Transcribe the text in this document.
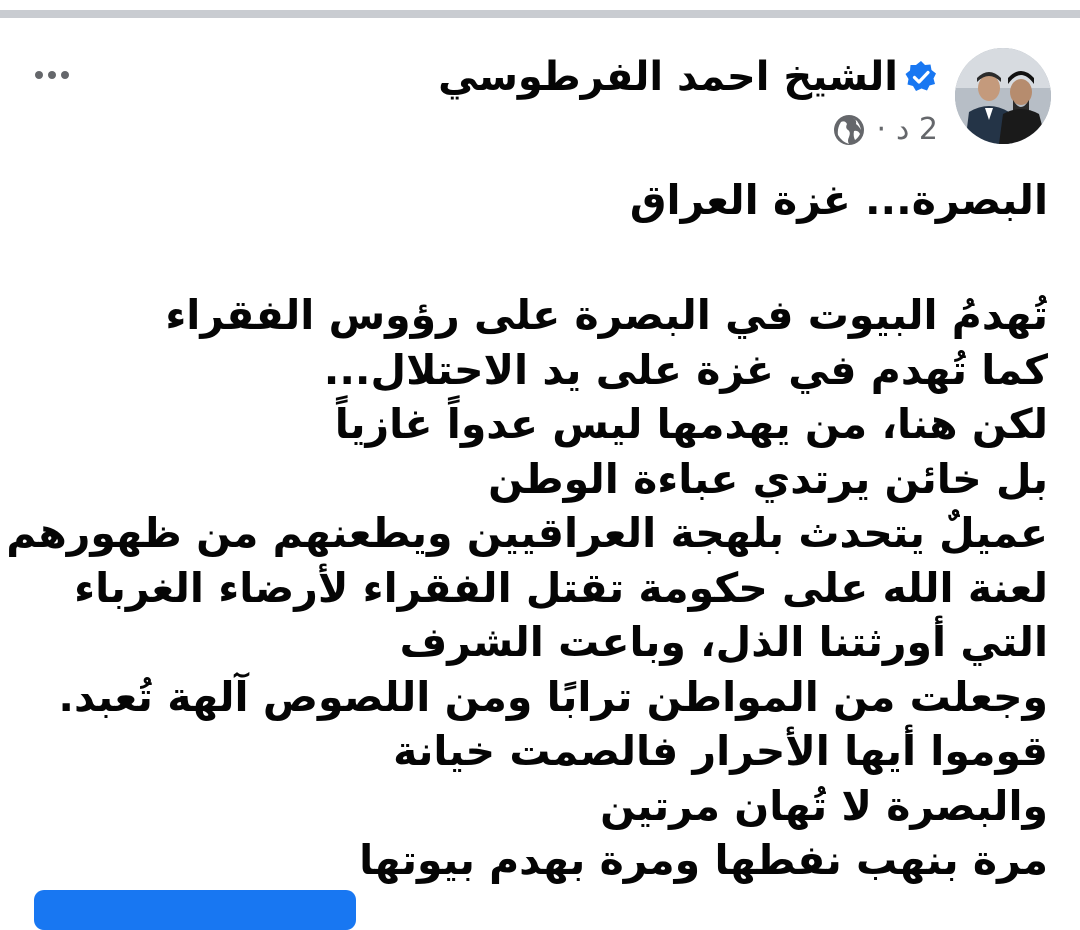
الشيخ احمد الفرطوسي
2 د
·
البصرة... غزة العراق
تُهدمُ البيوت في البصرة على رؤوس الفقراء
كما تُهدم في غزة على يد الاحتلال...
لكن هنا، من يهدمها ليس عدواً غازياً
بل خائن يرتدي عباءة الوطن
عميلٌ يتحدث بلهجة العراقيين ويطعنهم من ظهورهم
لعنة الله على حكومة تقتل الفقراء لأرضاء الغرباء
التي أورثتنا الذل، وباعت الشرف
وجعلت من المواطن ترابًا ومن اللصوص آلهة تُعبد.
قوموا أيها الأحرار فالصمت خيانة
والبصرة لا تُهان مرتين
مرة بنهب نفطها ومرة بهدم بيوتها
